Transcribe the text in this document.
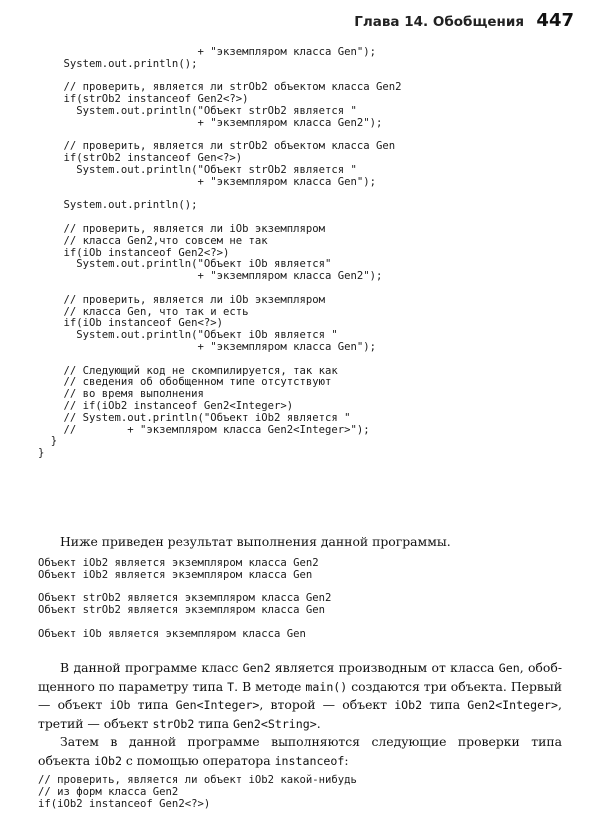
Глава 14. Обобщения 447
+ "экземпляром класса Gen");
System.out.println();

// проверить, является ли strOb2 объектом класса Gen2
if(strOb2 instanceof Gen2<?>)
System.out.println("Объект strOb2 является "
+ "экземпляром класса Gen2");

// проверить, является ли strOb2 объектом класса Gen
if(strOb2 instanceof Gen<?>)
System.out.println("Объект strOb2 является "
+ "экземпляром класса Gen");

System.out.println();

// проверить, является ли iOb экземпляром
// класса Gen2,что совсем не так
if(iOb instanceof Gen2<?>)
System.out.println("Объект iOb является"
+ "экземпляром класса Gen2");

// проверить, является ли iOb экземпляром
// класса Gen, что так и есть
if(iOb instanceof Gen<?>)
System.out.println("Объект iOb является "
+ "экземпляром класса Gen");

// Следующий код не скомпилируется, так как
// сведения об обобщенном типе отсутствуют
// во время выполнения
// if(iOb2 instanceof Gen2<Integer>)
// System.out.println("Объект iOb2 является "
//        + "экземпляром класса Gen2<Integer>");
}
}

Ниже приведен результат выполнения данной программы.

Объект iOb2 является экземпляром класса Gen2
Объект iOb2 является экземпляром класса Gen

Объект strOb2 является экземпляром класса Gen2
Объект strOb2 является экземпляром класса Gen

Объект iOb является экземпляром класса Gen

В данной программе класс Gen2 является производным от класса Gen, обоб- щенного по параметру типа T. В методе main() создаются три объекта. Первый — объект iOb типа Gen<Integer>, второй — объект iOb2 типа Gen2<Integer>, третий — объект strOb2 типа Gen2<String>.

Затем в данной программе выполняются следующие проверки типа объекта iOb2 с помощью оператора instanceof:

// проверить, является ли объект iOb2 какой-нибудь
// из форм класса Gen2
if(iOb2 instanceof Gen2<?>)
